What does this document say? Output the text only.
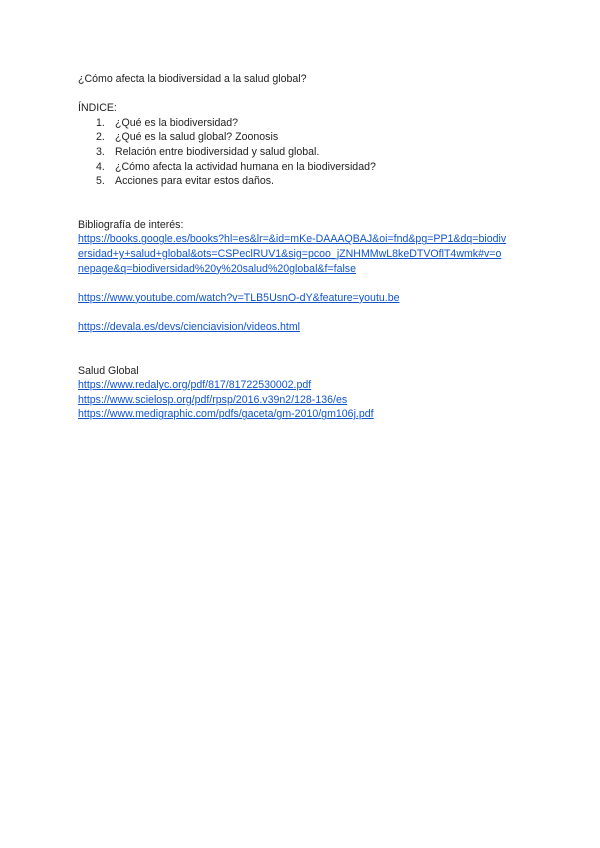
¿Cómo afecta la biodiversidad a la salud global?
ÍNDICE:
1. ¿Qué es la biodiversidad?
2. ¿Qué es la salud global? Zoonosis
3. Relación entre biodiversidad y salud global.
4. ¿Cómo afecta la actividad humana en la biodiversidad?
5. Acciones para evitar estos daños.
Bibliografía de interés:
https://books.google.es/books?hl=es&lr=&id=mKe-DAAAQBAJ&oi=fnd&pg=PP1&dq=biodiv
ersidad+y+salud+global&ots=CSPeclRUV1&sig=pcoo_jZNHMMwL8keDTVOflT4wmk#v=o
nepage&q=biodiversidad%20y%20salud%20global&f=false
https://www.youtube.com/watch?v=TLB5UsnO-dY&feature=youtu.be
https://devala.es/devs/cienciavision/videos.html
Salud Global
https://www.redalyc.org/pdf/817/81722530002.pdf
https://www.scielosp.org/pdf/rpsp/2016.v39n2/128-136/es
https://www.medigraphic.com/pdfs/gaceta/gm-2010/gm106j.pdf
